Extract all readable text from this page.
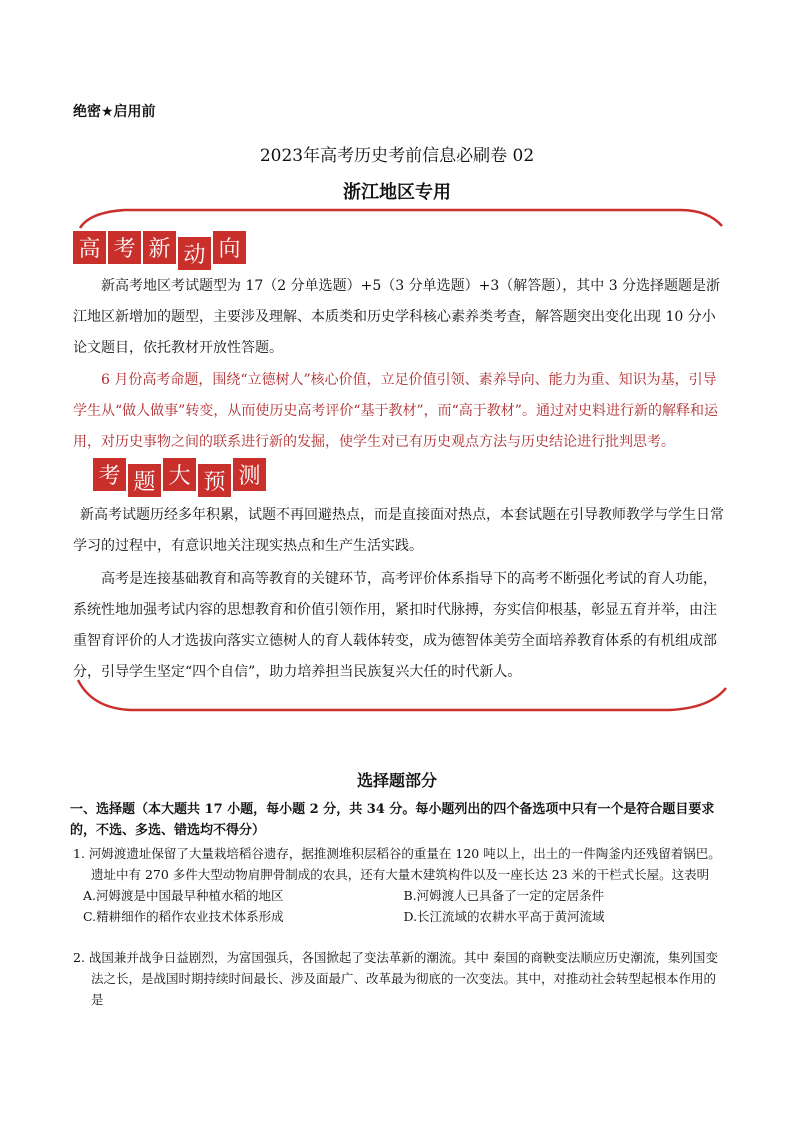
绝密★启用前
2023年高考历史考前信息必刷卷 02
浙江地区专用
高 考 新 动 向

新高考地区考试题型为 17（2 分单选题）+5（3 分单选题）+3（解答题），其中 3 分选择题题是浙江地区新增加的题型，主要涉及理解、本质类和历史学科核心素养类考查，解答题突出变化出现 10 分小论文题目，依托教材开放性答题。

6 月份高考命题，围绕“立德树人”核心价值，立足价值引领、素养导向、能力为重、知识为基，引导学生从“做人做事”转变，从而使历史高考评价“基于教材”，而“高于教材”。通过对史料进行新的解释和运用，对历史事物之间的联系进行新的发掘，使学生对已有历史观点方法与历史结论进行批判思考。

考 题 大 预 测

新高考试题历经多年积累，试题不再回避热点，而是直接面对热点，本套试题在引导教师教学与学生日常学习的过程中，有意识地关注现实热点和生产生活实践。

高考是连接基础教育和高等教育的关键环节，高考评价体系指导下的高考不断强化考试的育人功能，系统性地加强考试内容的思想教育和价值引领作用，紧扣时代脉搏，夯实信仰根基，彰显五育并举，由注重智育评价的人才选拔向落实立德树人的育人载体转变，成为德智体美劳全面培养教育体系的有机组成部分，引导学生坚定“四个自信”，助力培养担当民族复兴大任的时代新人。

选择题部分
一、选择题（本大题共 17 小题，每小题 2 分，共 34 分。每小题列出的四个备选项中只有一个是符合题目要求的，不选、多选、错选均不得分）
1. 河姆渡遗址保留了大量栽培稻谷遗存，据推测堆积层稻谷的重量在 120 吨以上，出土的一件陶釜内还残留着锅巴。遗址中有 270 多件大型动物肩胛骨制成的农具，还有大量木建筑构件以及一座长达 23 米的干栏式长屋。这表明
A.河姆渡是中国最早种植水稻的地区	B.河姆渡人已具备了一定的定居条件
C.精耕细作的稻作农业技术体系形成	D.长江流域的农耕水平高于黄河流域
2. 战国兼并战争日益剧烈，为富国强兵，各国掀起了变法革新的潮流。其中 秦国的商鞅变法顺应历史潮流，集列国变法之长，是战国时期持续时间最长、涉及面最广、改革最为彻底的一次变法。其中，对推动社会转型起根本作用的是
